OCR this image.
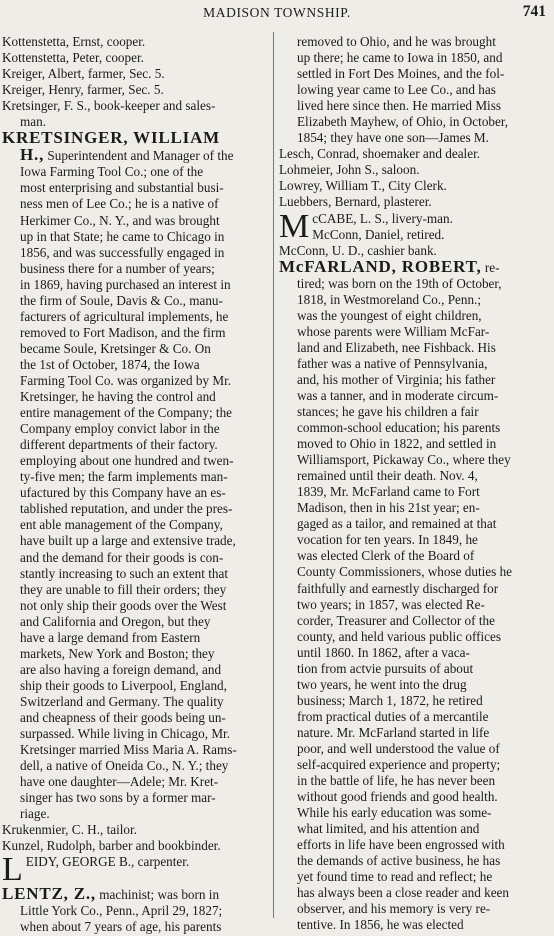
MADISON TOWNSHIP.	741
Kottenstetta, Ernst, cooper.
Kottenstetta, Peter, cooper.
Kreiger, Albert, farmer, Sec. 5.
Kreiger, Henry, farmer, Sec. 5.
Kretsinger, F. S., book-keeper and sales-
man.
KRETSINGER, WILLIAM
H., Superintendent and Manager of the
Iowa Farming Tool Co.; one of the
most enterprising and substantial busi-
ness men of Lee Co.; he is a native of
Herkimer Co., N. Y., and was brought
up in that State; he came to Chicago in
1856, and was successfully engaged in
business there for a number of years;
in 1869, having purchased an interest in
the firm of Soule, Davis & Co., manu-
facturers of agricultural implements, he
removed to Fort Madison, and the firm
became Soule, Kretsinger & Co. On
the 1st of October, 1874, the Iowa
Farming Tool Co. was organized by Mr.
Kretsinger, he having the control and
entire management of the Company; the
Company employ convict labor in the
different departments of their factory.
employing about one hundred and twen-
ty-five men; the farm implements man-
ufactured by this Company have an es-
tablished reputation, and under the pres-
ent able management of the Company,
have built up a large and extensive trade,
and the demand for their goods is con-
stantly increasing to such an extent that
they are unable to fill their orders; they
not only ship their goods over the West
and California and Oregon, but they
have a large demand from Eastern
markets, New York and Boston; they
are also having a foreign demand, and
ship their goods to Liverpool, England,
Switzerland and Germany. The quality
and cheapness of their goods being un-
surpassed. While living in Chicago, Mr.
Kretsinger married Miss Maria A. Rams-
dell, a native of Oneida Co., N. Y.; they
have one daughter—Adele; Mr. Kret-
singer has two sons by a former mar-
riage.
Krukenmier, C. H., tailor.
Kunzel, Rudolph, barber and bookbinder.
LEIDY, GEORGE B., carpenter.
LENTZ, Z., machinist; was born in
Little York Co., Penn., April 29, 1827;
when about 7 years of age, his parents
removed to Ohio, and he was brought
up there; he came to Iowa in 1850, and
settled in Fort Des Moines, and the fol-
lowing year came to Lee Co., and has
lived here since then. He married Miss
Elizabeth Mayhew, of Ohio, in October,
1854; they have one son—James M.
Lesch, Conrad, shoemaker and dealer.
Lohmeier, John S., saloon.
Lowrey, William T., City Clerk.
Luebbers, Bernard, plasterer.
M cCABE, L. S., livery-man.
McConn, Daniel, retired.
McConn, U. D., cashier bank.
McFARLAND, ROBERT, re-
tired; was born on the 19th of October,
1818, in Westmoreland Co., Penn.;
was the youngest of eight children,
whose parents were William McFar-
land and Elizabeth, nee Fishback. His
father was a native of Pennsylvania,
and, his mother of Virginia; his father
was a tanner, and in moderate circum-
stances; he gave his children a fair
common-school education; his parents
moved to Ohio in 1822, and settled in
Williamsport, Pickaway Co., where they
remained until their death. Nov. 4,
1839, Mr. McFarland came to Fort
Madison, then in his 21st year; en-
gaged as a tailor, and remained at that
vocation for ten years. In 1849, he
was elected Clerk of the Board of
County Commissioners, whose duties he
faithfully and earnestly discharged for
two years; in 1857, was elected Re-
corder, Treasurer and Collector of the
county, and held various public offices
until 1860. In 1862, after a vaca-
tion from actvie pursuits of about
two years, he went into the drug
business; March 1, 1872, he retired
from practical duties of a mercantile
nature. Mr. McFarland started in life
poor, and well understood the value of
self-acquired experience and property;
in the battle of life, he has never been
without good friends and good health.
While his early education was some-
what limited, and his attention and
efforts in life have been engrossed with
the demands of active business, he has
yet found time to read and reflect; he
has always been a close reader and keen
observer, and his memory is very re-
tentive. In 1856, he was elected
